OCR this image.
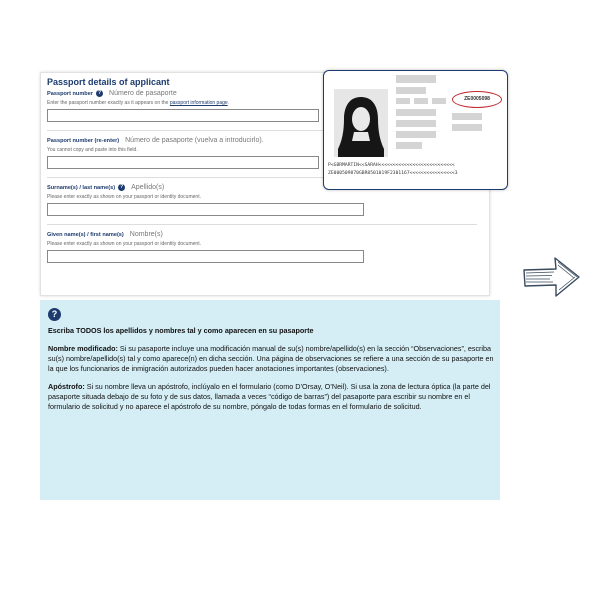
Passport details of applicant
Passport number ? Número de pasaporte
Enter the passport number exactly as it appears on the passport information page.
Passport number (re-enter) Número de pasaporte (vuelva a introducirlo).
You cannot copy and paste into this field.
Surname(s) / last name(s) ? Apellido(s)
Please enter exactly as shown on your passport or identity document.
Given name(s) / first name(s) Nombre(s)
Please enter exactly as shown on your passport or identity document.
ZE0005098
P<GBRMARTIN<<SARAH<<<<<<<<<<<<<<<<<<<<<<<<<<<
ZE000509870GBR8501019F2301167<<<<<<<<<<<<<<<<3
?

Escriba TODOS los apellidos y nombres tal y como aparecen en su pasaporte

Nombre modificado: Si su pasaporte incluye una modificación manual de su(s) nombre/apellido(s) en la sección “Observaciones”, escriba su(s) nombre/apellido(s) tal y como aparece(n) en dicha sección. Una página de observaciones se refiere a una sección de su pasaporte en la que los funcionarios de inmigración autorizados pueden hacer anotaciones importantes (observaciones).

Apóstrofo: Si su nombre lleva un apóstrofo, inclúyalo en el formulario (como D’Orsay, O’Neil). Si usa la zona de lectura óptica (la parte del pasaporte situada debajo de su foto y de sus datos, llamada a veces “código de barras”) del pasaporte para escribir su nombre en el formulario de solicitud y no aparece el apóstrofo de su nombre, póngalo de todas formas en el formulario de solicitud.
